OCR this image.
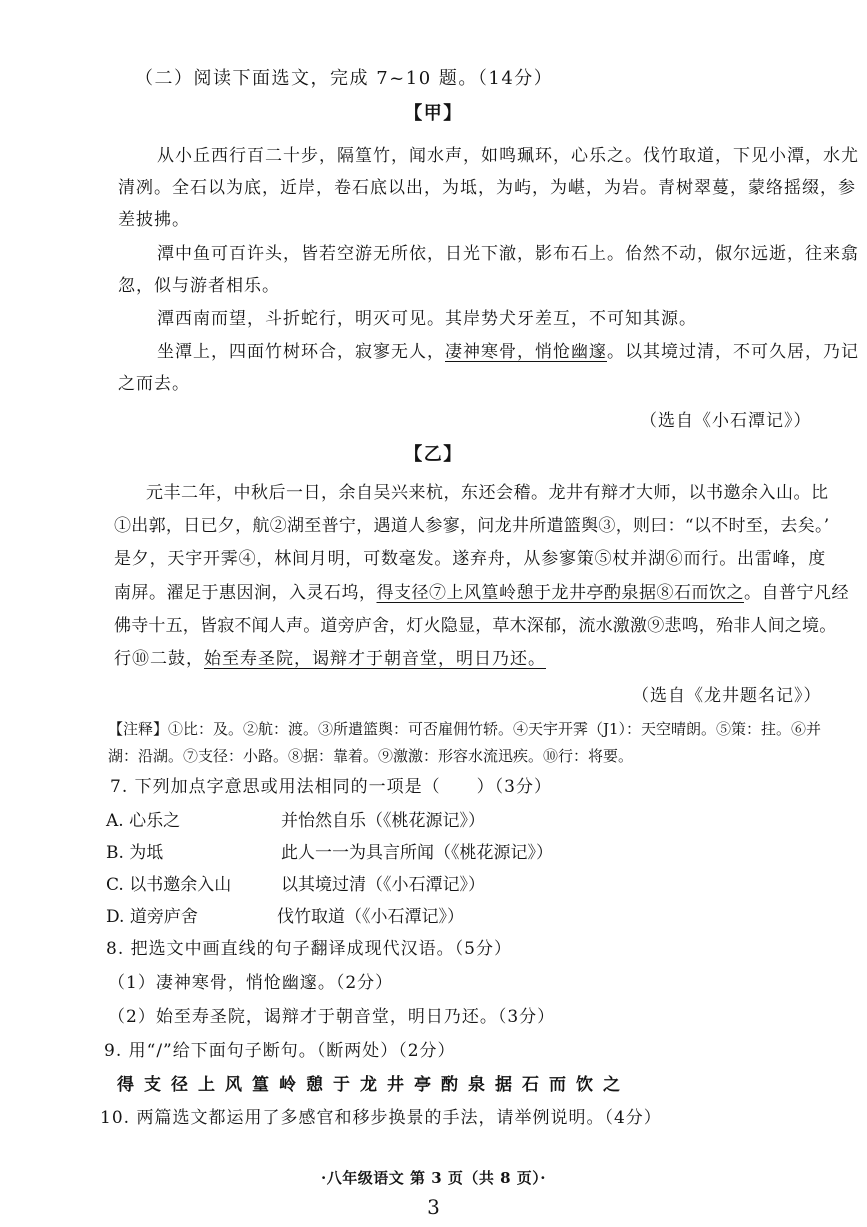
（二）阅读下面选文，完成 7~10 题。（14分）
【甲】
从小丘西行百二十步，隔篁竹，闻水声，如鸣珮环，心乐之。伐竹取道，下见小潭，水尤
清冽。全石以为底，近岸，卷石底以出，为坻，为屿，为嵁，为岩。青树翠蔓，蒙络摇缀，参
差披拂。
潭中鱼可百许头，皆若空游无所依，日光下澈，影布石上。佁然不动，俶尔远逝，往来翕
忽，似与游者相乐。
潭西南而望，斗折蛇行，明灭可见。其岸势犬牙差互，不可知其源。
坐潭上，四面竹树环合，寂寥无人，凄神寒骨，悄怆幽邃。以其境过清，不可久居，乃记
之而去。
（选自《小石潭记》）
【乙】
元丰二年，中秋后一日，余自吴兴来杭，东还会稽。龙井有辩才大师，以书邀余入山。比
①出郭，日已夕，航②湖至普宁，遇道人参寥，问龙井所遣篮舆③，则曰：“以不时至，去矣。’
是夕，天宇开霁④，林间月明，可数毫发。遂弃舟，从参寥策⑤杖并湖⑥而行。出雷峰，度
南屏。濯足于惠因涧，入灵石坞，得支径⑦上风篁岭憩于龙井亭酌泉据⑧石而饮之。自普宁凡经
佛寺十五，皆寂不闻人声。道旁庐舍，灯火隐显，草木深郁，流水激激⑨悲鸣，殆非人间之境。
行⑩二鼓，始至寿圣院，谒辩才于朝音堂，明日乃还。
（选自《龙井题名记》）
【注释】①比：及。②航：渡。③所遣篮舆：可否雇佣竹轿。④天宇开霁（J1）：天空晴朗。⑤策：拄。⑥并
湖：沿湖。⑦支径：小路。⑧据：靠着。⑨激激：形容水流迅疾。⑩行：将要。
7. 下列加点字意思或用法相同的一项是（　　）（3分）
A. 心乐之	并怡然自乐（《桃花源记》）
B. 为坻	此人一一为具言所闻（《桃花源记》）
C. 以书邀余入山	以其境过清（《小石潭记》）
D. 道旁庐舍	伐竹取道（《小石潭记》）
8. 把选文中画直线的句子翻译成现代汉语。（5分）
（1）凄神寒骨，悄怆幽邃。（2分）
（2）始至寿圣院，谒辩才于朝音堂，明日乃还。（3分）
9. 用“/”给下面句子断句。（断两处）（2分）
得支径上风篁岭憩于龙井亭酌泉据石而饮之
10. 两篇选文都运用了多感官和移步换景的手法，请举例说明。（4分）
·八年级语文 第 3 页（共 8 页）·
3
